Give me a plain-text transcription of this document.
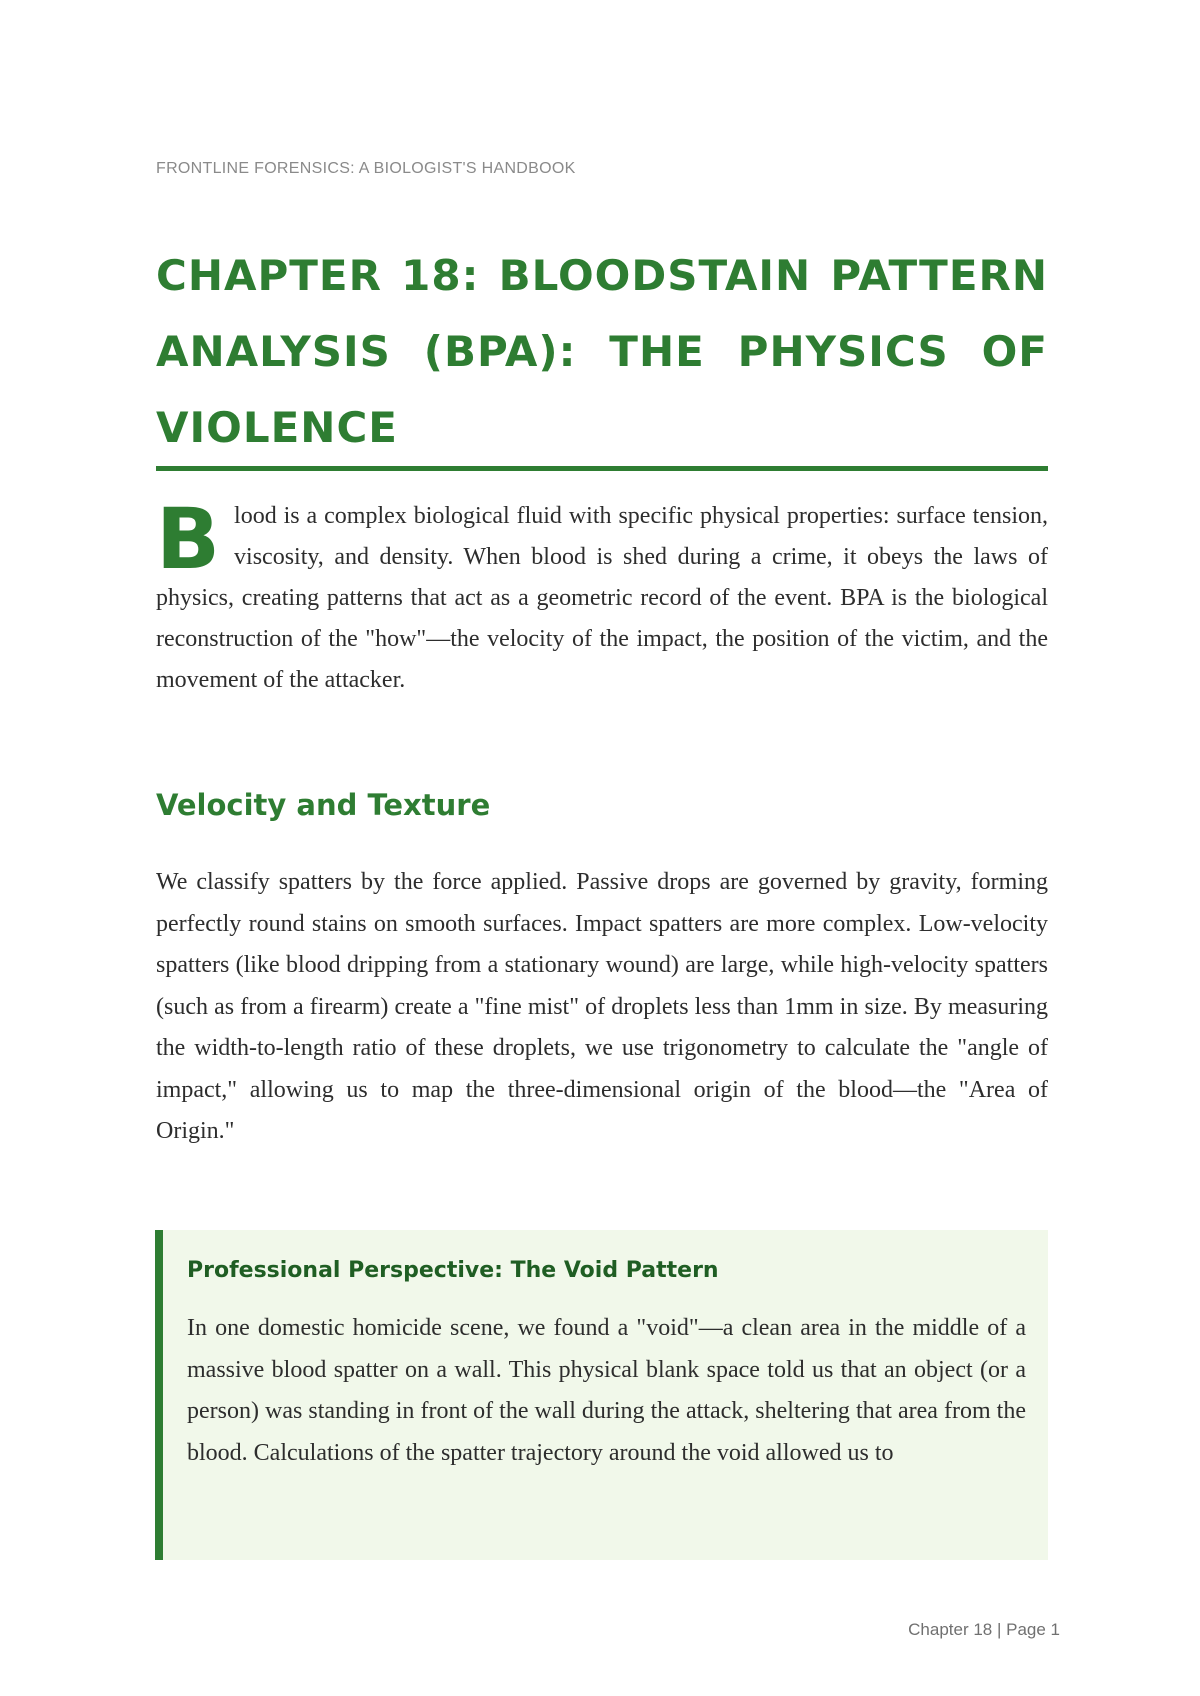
FRONTLINE FORENSICS: A BIOLOGIST'S HANDBOOK
CHAPTER 18: BLOODSTAIN PATTERN ANALYSIS (BPA): THE PHYSICS OF VIOLENCE

Blood is a complex biological fluid with specific physical properties: surface tension, viscosity, and density. When blood is shed during a crime, it obeys the laws of physics, creating patterns that act as a geometric record of the event. BPA is the biological reconstruction of the "how"—the velocity of the impact, the position of the victim, and the movement of the attacker.

Velocity and Texture

We classify spatters by the force applied. Passive drops are governed by gravity, forming perfectly round stains on smooth surfaces. Impact spatters are more complex. Low-velocity spatters (like blood dripping from a stationary wound) are large, while high-velocity spatters (such as from a firearm) create a "fine mist" of droplets less than 1mm in size. By measuring the width-to-length ratio of these droplets, we use trigonometry to calculate the "angle of impact," allowing us to map the three-dimensional origin of the blood—the "Area of Origin."

Professional Perspective: The Void Pattern

In one domestic homicide scene, we found a "void"—a clean area in the middle of a massive blood spatter on a wall. This physical blank space told us that an object (or a person) was standing in front of the wall during the attack, sheltering that area from the blood. Calculations of the spatter trajectory around the void allowed us to

Chapter 18 | Page 1
